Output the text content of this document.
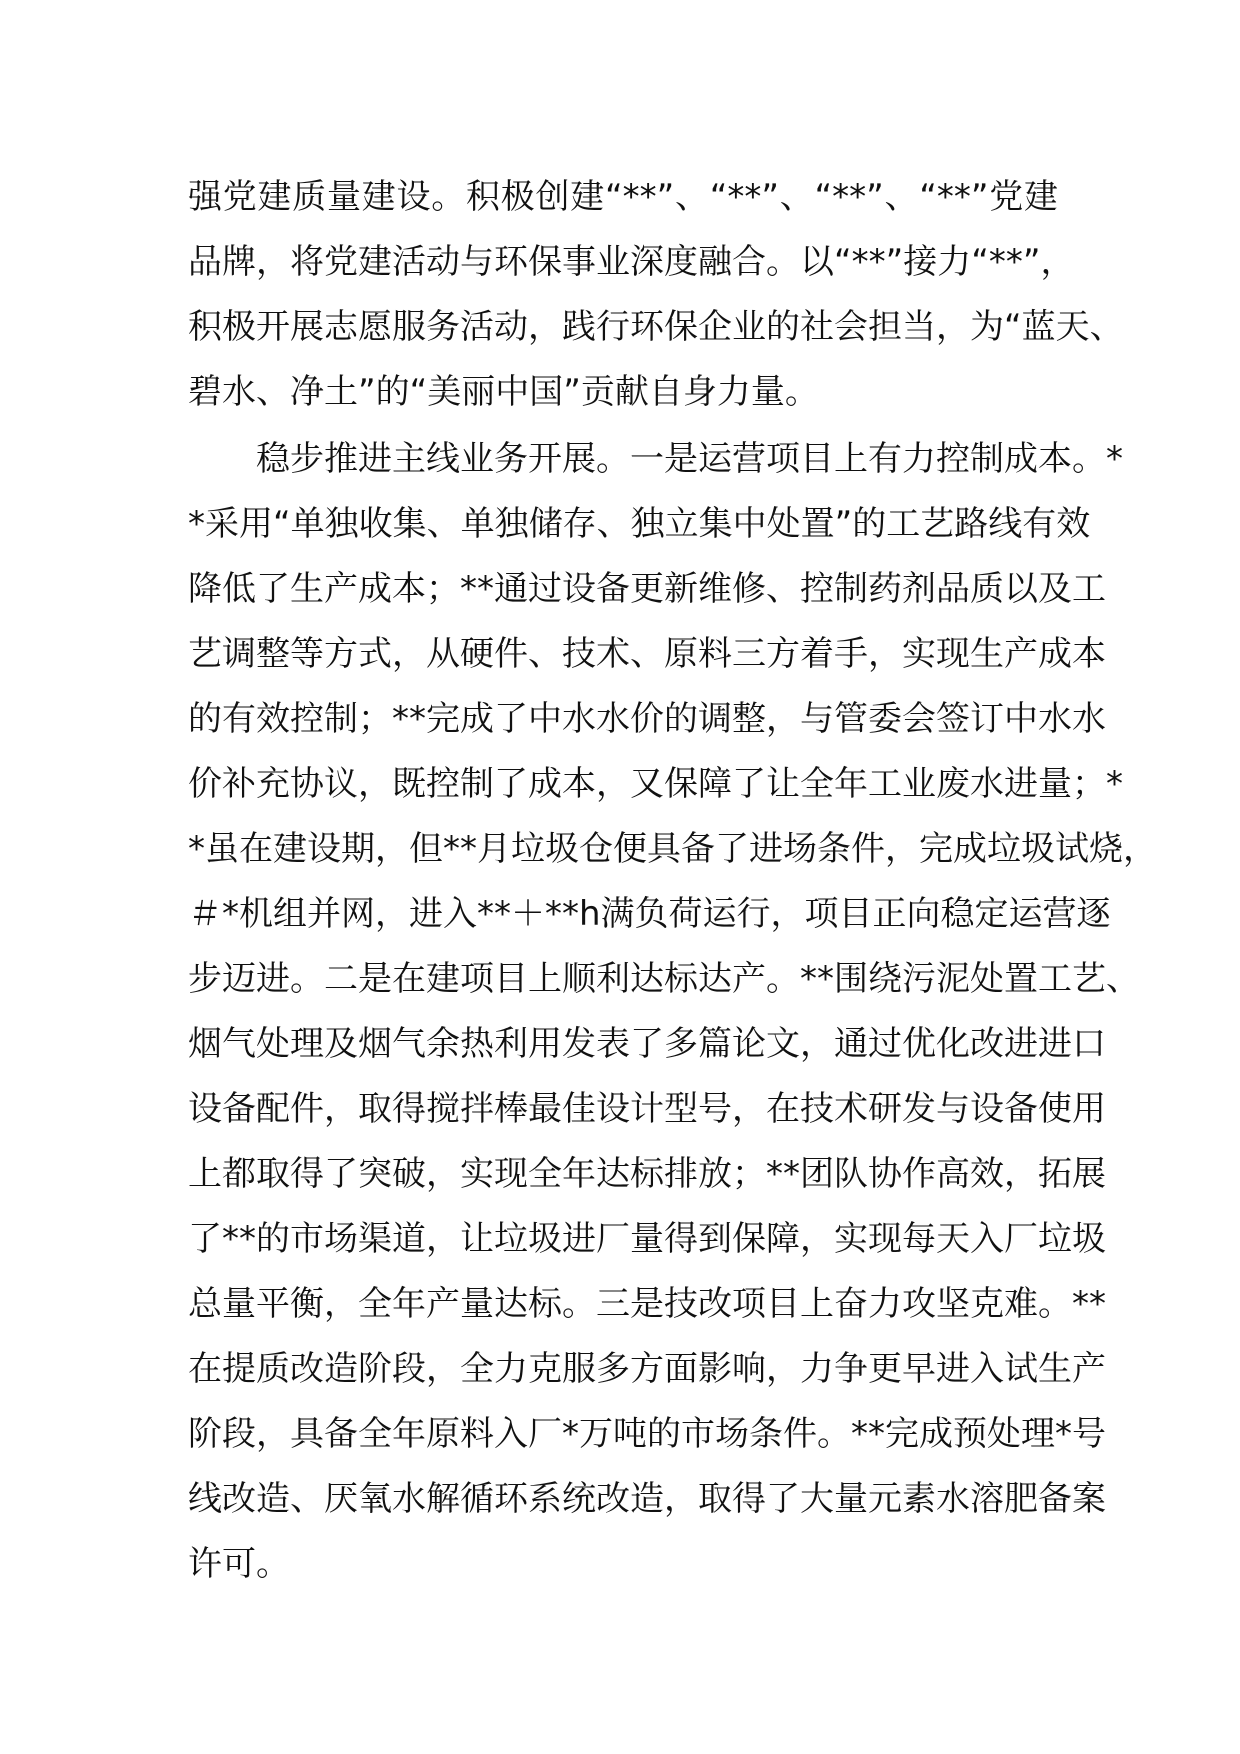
强党建质量建设。积极创建“**”、“**”、“**”、“**”党建
品牌，将党建活动与环保事业深度融合。以“**”接力“**”，
积极开展志愿服务活动，践行环保企业的社会担当，为“蓝天、
碧水、净土”的“美丽中国”贡献自身力量。
稳步推进主线业务开展。一是运营项目上有力控制成本。*
*采用“单独收集、单独储存、独立集中处置”的工艺路线有效
降低了生产成本；**通过设备更新维修、控制药剂品质以及工
艺调整等方式，从硬件、技术、原料三方着手，实现生产成本
的有效控制；**完成了中水水价的调整，与管委会签订中水水
价补充协议，既控制了成本，又保障了让全年工业废水进量；*
*虽在建设期，但**月垃圾仓便具备了进场条件，完成垃圾试烧，
＃*机组并网，进入**＋**h满负荷运行，项目正向稳定运营逐
步迈进。二是在建项目上顺利达标达产。**围绕污泥处置工艺、
烟气处理及烟气余热利用发表了多篇论文，通过优化改进进口
设备配件，取得搅拌棒最佳设计型号，在技术研发与设备使用
上都取得了突破，实现全年达标排放；**团队协作高效，拓展
了**的市场渠道，让垃圾进厂量得到保障，实现每天入厂垃圾
总量平衡，全年产量达标。三是技改项目上奋力攻坚克难。**
在提质改造阶段，全力克服多方面影响，力争更早进入试生产
阶段，具备全年原料入厂*万吨的市场条件。**完成预处理*号
线改造、厌氧水解循环系统改造，取得了大量元素水溶肥备案
许可。
